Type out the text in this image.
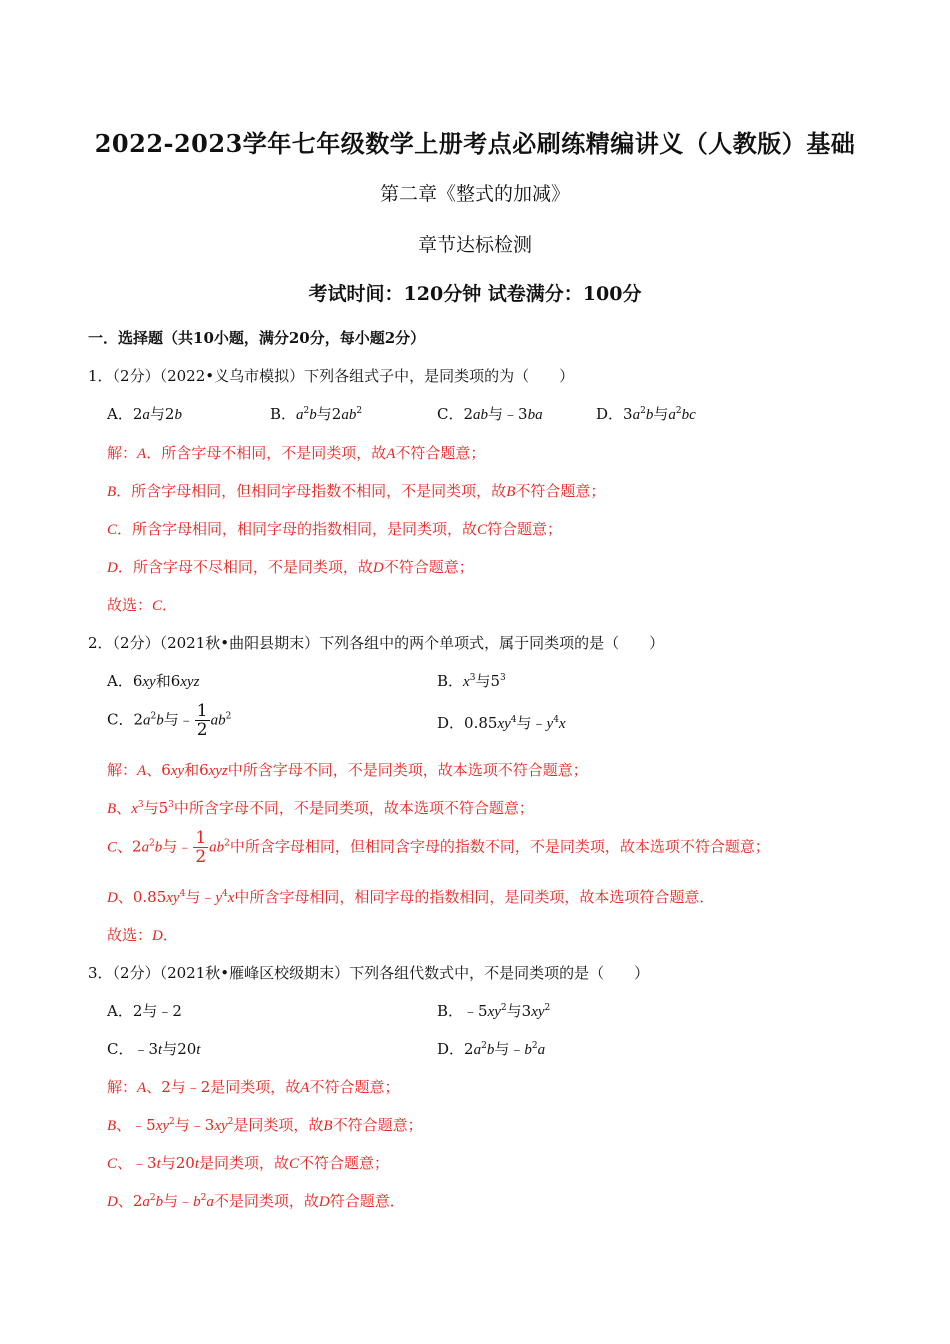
2022-2023学年七年级数学上册考点必刷练精编讲义（人教版）基础
第二章《整式的加减》
章节达标检测
考试时间：120分钟 试卷满分：100分
一．选择题（共10小题，满分20分，每小题2分）
1．（2分）（2022•义乌市模拟）下列各组式子中，是同类项的为（　　）
A．2a与2b	B．$a^2b$与$2ab^2$	C．2ab与﹣3ba	D．$3a^2b$与$a^2bc$
解：A．所含字母不相同，不是同类项，故A不符合题意；
B．所含字母相同，但相同字母指数不相同，不是同类项，故B不符合题意；
C．所含字母相同，相同字母的指数相同，是同类项，故C符合题意；
D．所含字母不尽相同，不是同类项，故D不符合题意；
故选：C．
2．（2分）（2021秋•曲阳县期末）下列各组中的两个单项式，属于同类项的是（　　）
A．6xy和6xyz	B．$x^3$与$5^3$
C．$2a^2b$与﹣ $\frac{1}{2} ab^2$	D．$0.85xy^4$与$﹣y^4x$
解：A、6xy和6xyz中所含字母不同，不是同类项，故本选项不符合题意；
B、$x^3$与$5^3$中所含字母不同，不是同类项，故本选项不符合题意；
C、$2a^2b$与﹣ $\frac{1}{2} ab^2$中所含字母相同，但相同含字母的指数不同，不是同类项，故本选项不符合题意；
D、$0.85xy^4$与$﹣y^4x$中所含字母相同，相同字母的指数相同，是同类项，故本选项符合题意．
故选：D．
3．（2分）（2021秋•雁峰区校级期末）下列各组代数式中，不是同类项的是（　　）
A．2与﹣2	B．$﹣5xy^2$与$3xy^2$
C．﹣3t与20t	D．$2a^2b$与$﹣b^2a$
解：A、2与﹣2是同类项，故A不符合题意；
B、$﹣5xy^2$与$﹣3xy^2$是同类项，故B不符合题意；
C、﹣3t与20t是同类项，故C不符合题意；
D、$2a^2b$与$﹣b^2a$不是同类项，故D符合题意．
